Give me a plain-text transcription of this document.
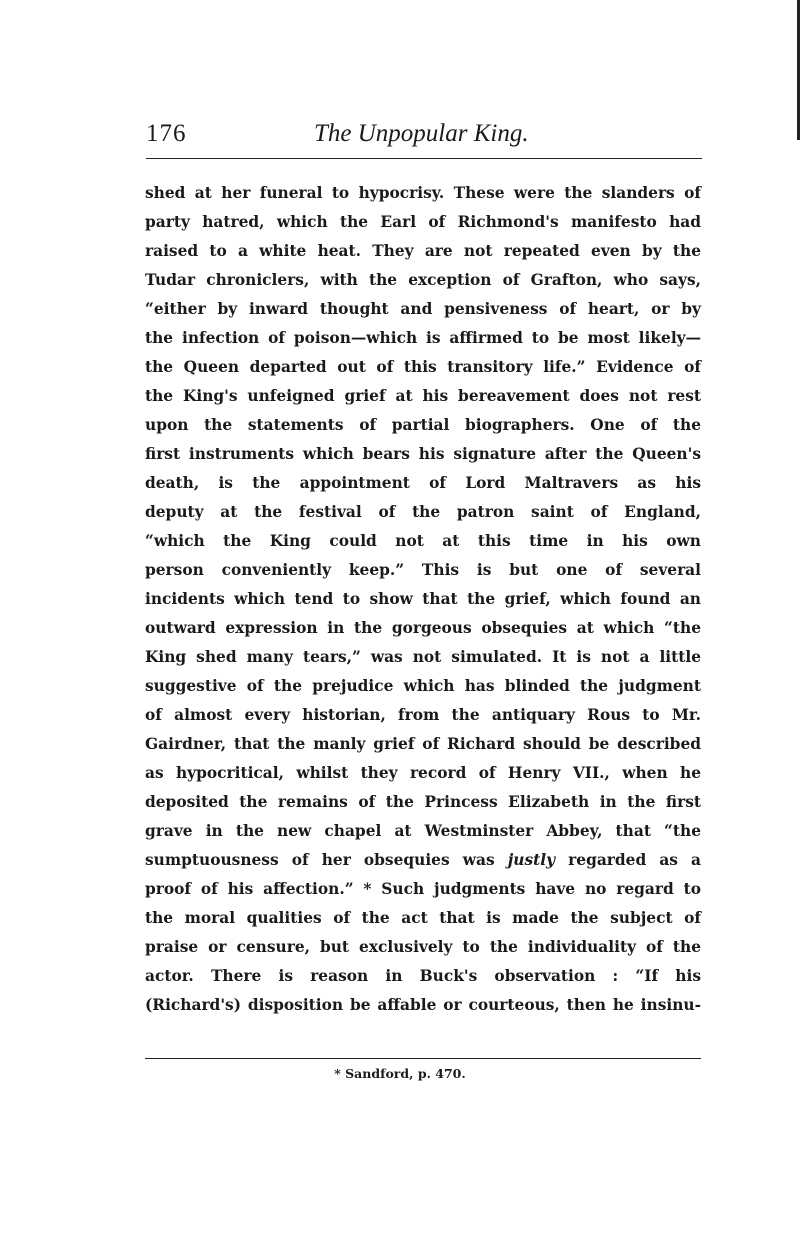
176	The Unpopular King.
shed at her funeral to hypocrisy. These were the slanders of
party hatred, which the Earl of Richmond's manifesto had
raised to a white heat. They are not repeated even by the
Tudar chroniclers, with the exception of Grafton, who says,
“either by inward thought and pensiveness of heart, or by
the infection of poison—which is affirmed to be most likely—
the Queen departed out of this transitory life.” Evidence of
the King's unfeigned grief at his bereavement does not rest
upon the statements of partial biographers. One of the
first instruments which bears his signature after the Queen's
death, is the appointment of Lord Maltravers as his
deputy at the festival of the patron saint of England,
“which the King could not at this time in his own
person conveniently keep.” This is but one of several
incidents which tend to show that the grief, which found an
outward expression in the gorgeous obsequies at which “the
King shed many tears,” was not simulated. It is not a little
suggestive of the prejudice which has blinded the judgment
of almost every historian, from the antiquary Rous to Mr.
Gairdner, that the manly grief of Richard should be described
as hypocritical, whilst they record of Henry VII., when he
deposited the remains of the Princess Elizabeth in the first
grave in the new chapel at Westminster Abbey, that “the
sumptuousness of her obsequies was justly regarded as a
proof of his affection.” * Such judgments have no regard to
the moral qualities of the act that is made the subject of
praise or censure, but exclusively to the individuality of the
actor. There is reason in Buck's observation : “If his
(Richard's) disposition be affable or courteous, then he insinu-
* Sandford, p. 470.
